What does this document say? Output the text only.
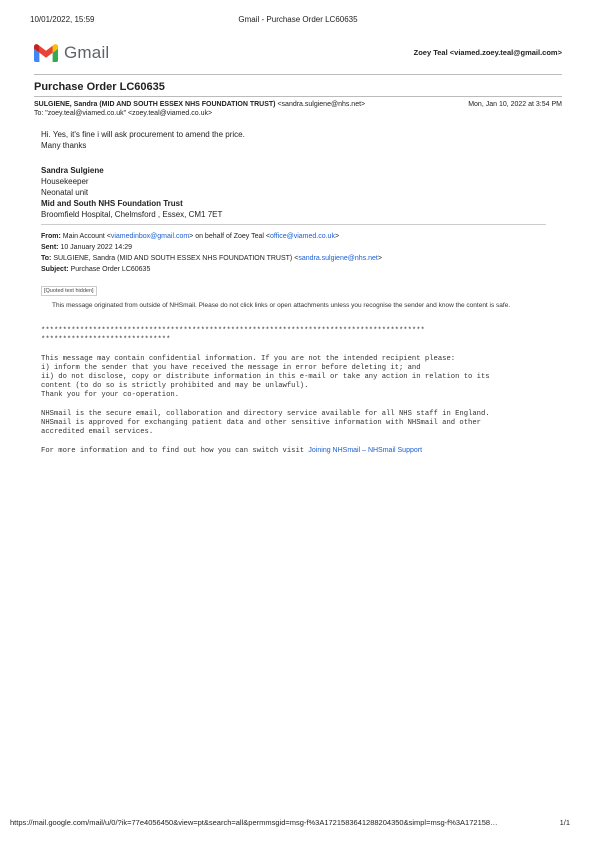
10/01/2022, 15:59	Gmail - Purchase Order LC60635
Gmail	Zoey Teal <viamed.zoey.teal@gmail.com>
Purchase Order LC60635
SULGIENE, Sandra (MID AND SOUTH ESSEX NHS FOUNDATION TRUST) <sandra.sulgiene@nhs.net>	Mon, Jan 10, 2022 at 3:54 PM
To: "zoey.teal@viamed.co.uk" <zoey.teal@viamed.co.uk>
Hi. Yes, it's fine i will ask procurement to amend the price.
Many thanks
Sandra Sulgiene
Housekeeper
Neonatal unit
Mid and South NHS Foundation Trust
Broomfield Hospital, Chelmsford , Essex, CM1 7ET
From: Main Account <viamedinbox@gmail.com> on behalf of Zoey Teal <office@viamed.co.uk>
Sent: 10 January 2022 14:29
To: SULGIENE, Sandra (MID AND SOUTH ESSEX NHS FOUNDATION TRUST) <sandra.sulgiene@nhs.net>
Subject: Purchase Order LC60635
[Quoted text hidden]
This message originated from outside of NHSmail. Please do not click links or open attachments unless you recognise the sender and know the content is safe.
*****************************************************************************************
******************************
This message may contain confidential information. If you are not the intended recipient please:
i) inform the sender that you have received the message in error before deleting it; and
ii) do not disclose, copy or distribute information in this e-mail or take any action in relation to its
content (to do so is strictly prohibited and may be unlawful).
Thank you for your co-operation.
NHSmail is the secure email, collaboration and directory service available for all NHS staff in England.
NHSmail is approved for exchanging patient data and other sensitive information with NHSmail and other
accredited email services.
For more information and to find out how you can switch visit Joining NHSmail – NHSmail Support
https://mail.google.com/mail/u/0/?ik=77e4056450&view=pt&search=all&permmsgid=msg-f%3A1721583641288204350&simpl=msg-f%3A172158…	1/1
